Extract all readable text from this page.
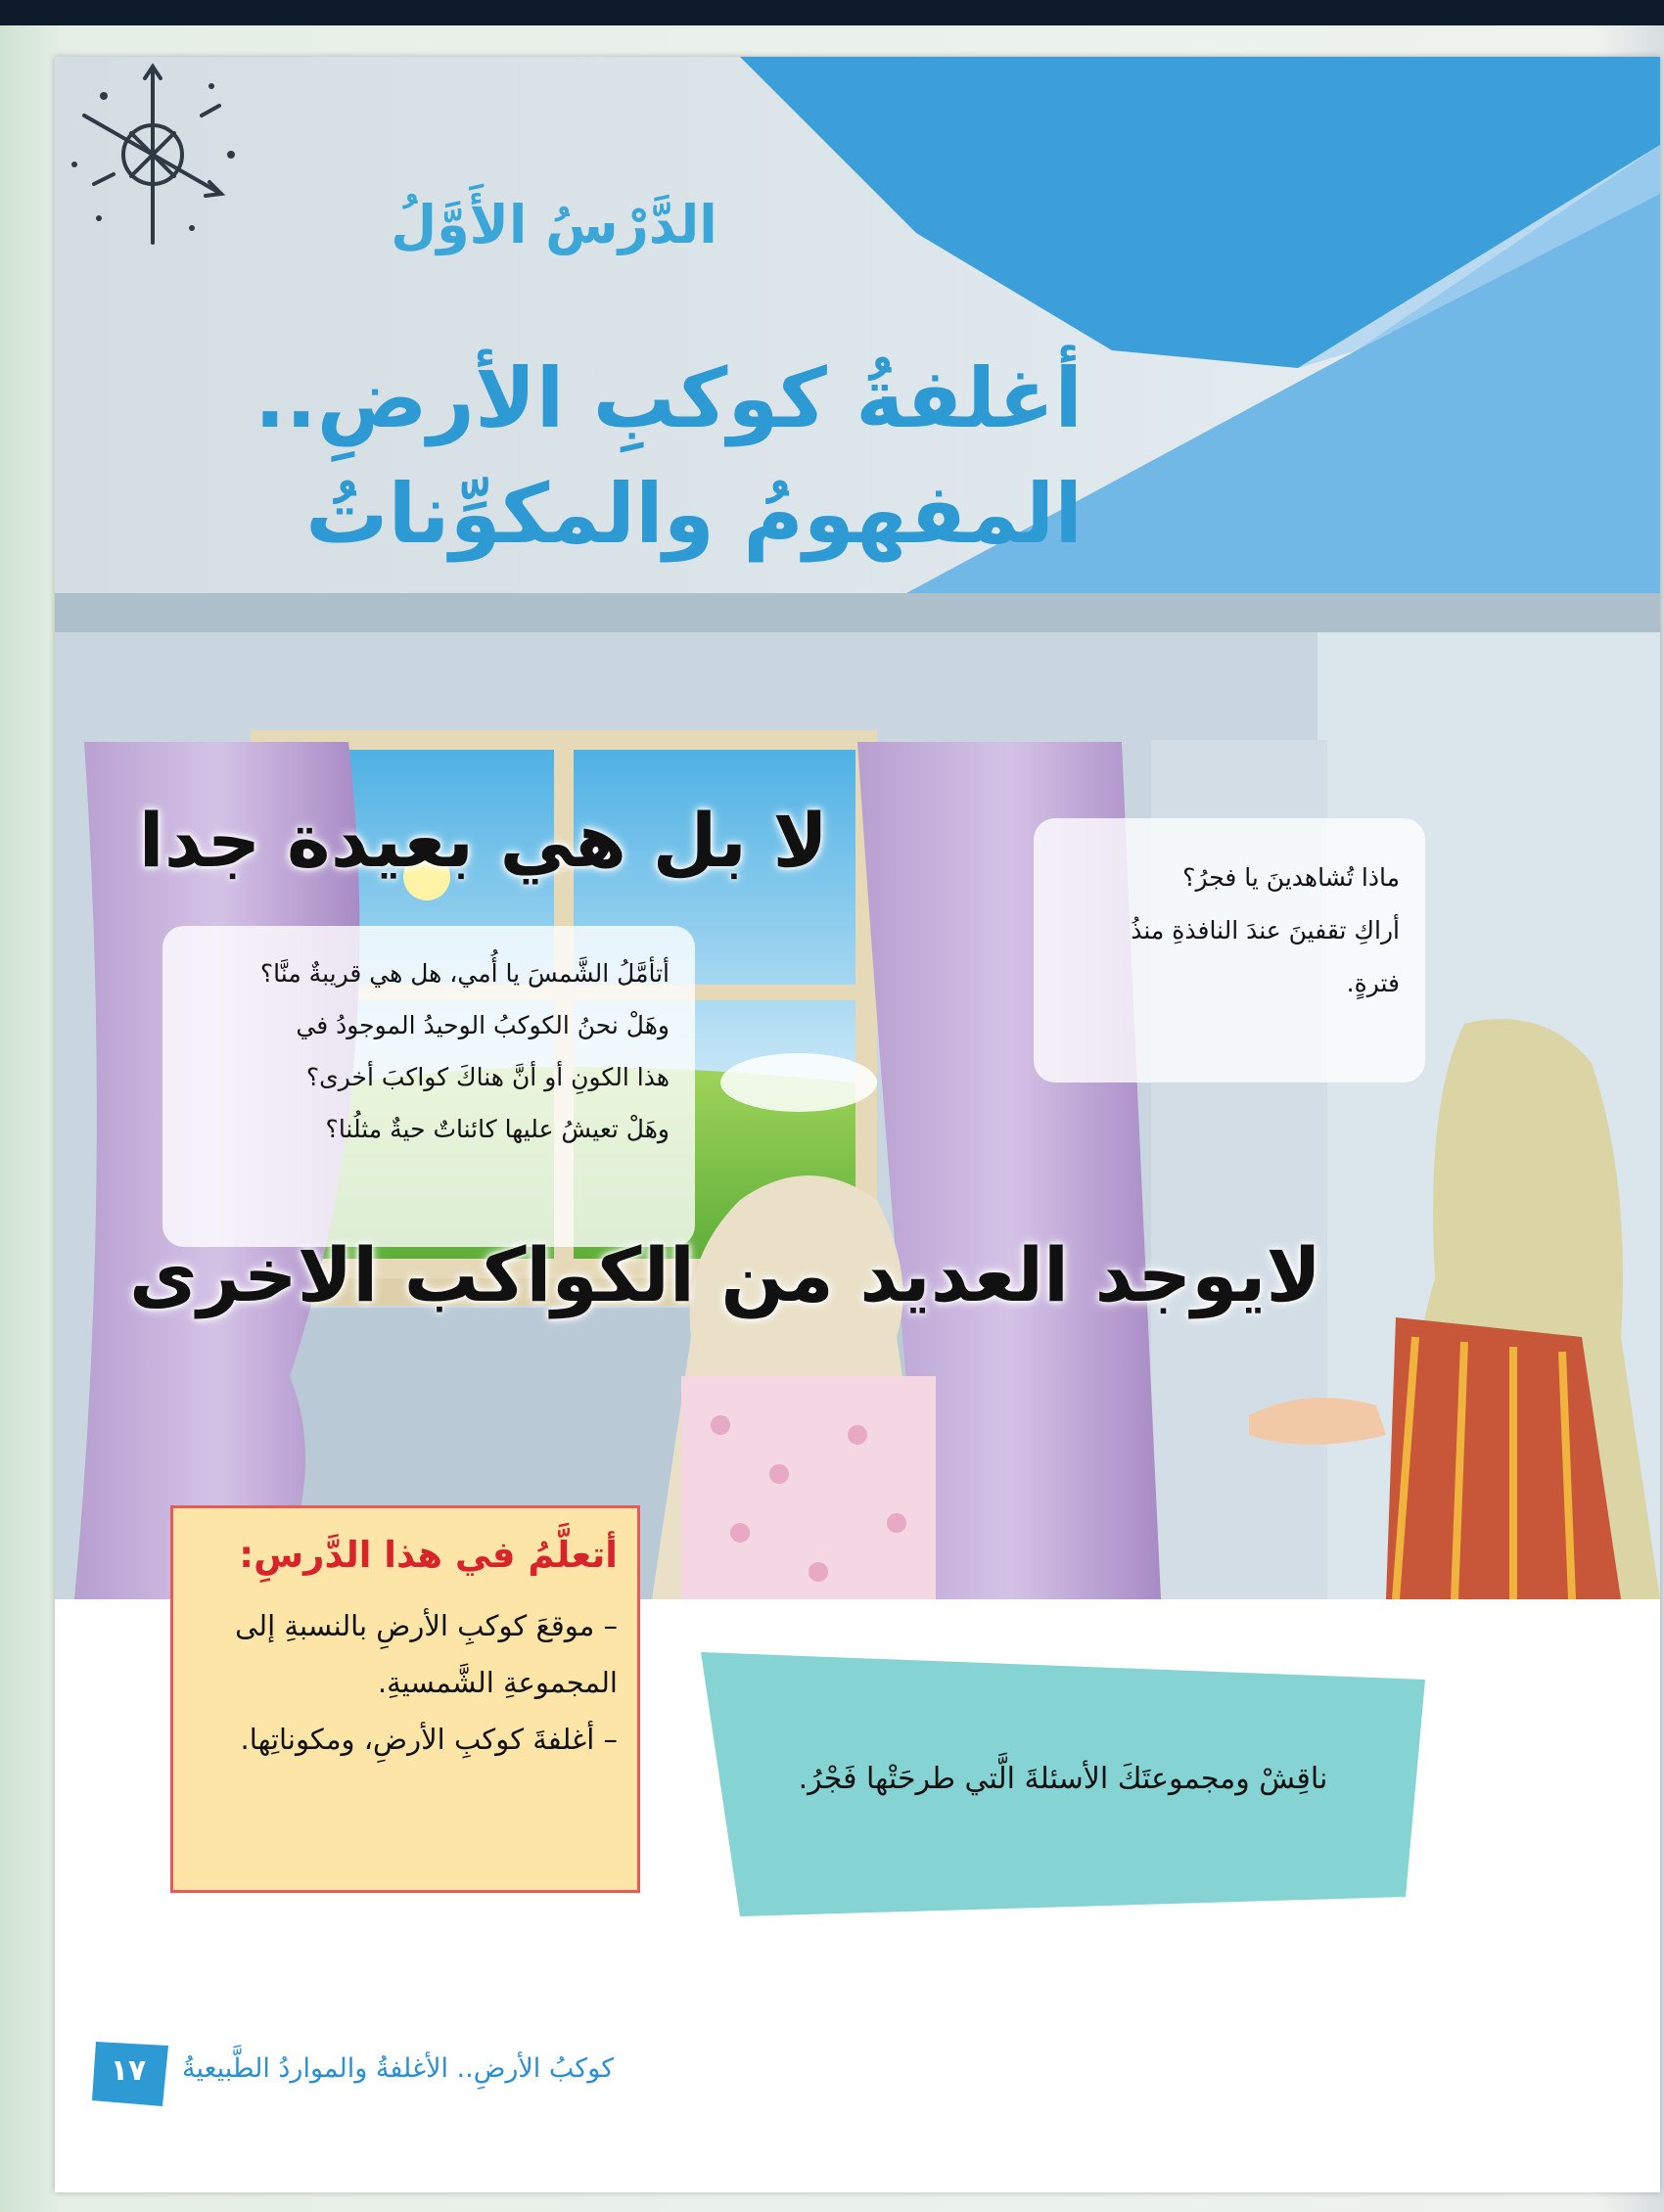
الدَّرْسُ الأَوَّلُ
أغلفةُ كوكبِ الأرضِ..
المفهومُ والمكوِّناتُ
أتأمَّلُ الشَّمسَ يا أُمي، هل هي قريبةٌ منَّا؟
وهَلْ نحنُ الكوكبُ الوحيدُ الموجودُ في
هذا الكونِ أو أنَّ هناكَ كواكبَ أخرى؟
وهَلْ تعيشُ عليها كائناتٌ حيةٌ مثلُنا؟
ماذا تُشاهدينَ يا فجرُ؟
أراكِ تقفينَ عندَ النافذةِ منذُ
فترةٍ.
لا بل هي بعيدة جدا
لايوجد العديد من الكواكب الاخرى
أتعلَّمُ في هذا الدَّرسِ:
– موقعَ كوكبِ الأرضِ بالنسبةِ إلى المجموعةِ الشَّمسيةِ.
– أغلفةَ كوكبِ الأرضِ، ومكوناتِها.
ناقِشْ ومجموعتَكَ الأسئلةَ الَّتي طرحَتْها فَجْرُ.
١٧	كوكبُ الأرضِ.. الأغلفةُ والمواردُ الطَّبيعيةُ
